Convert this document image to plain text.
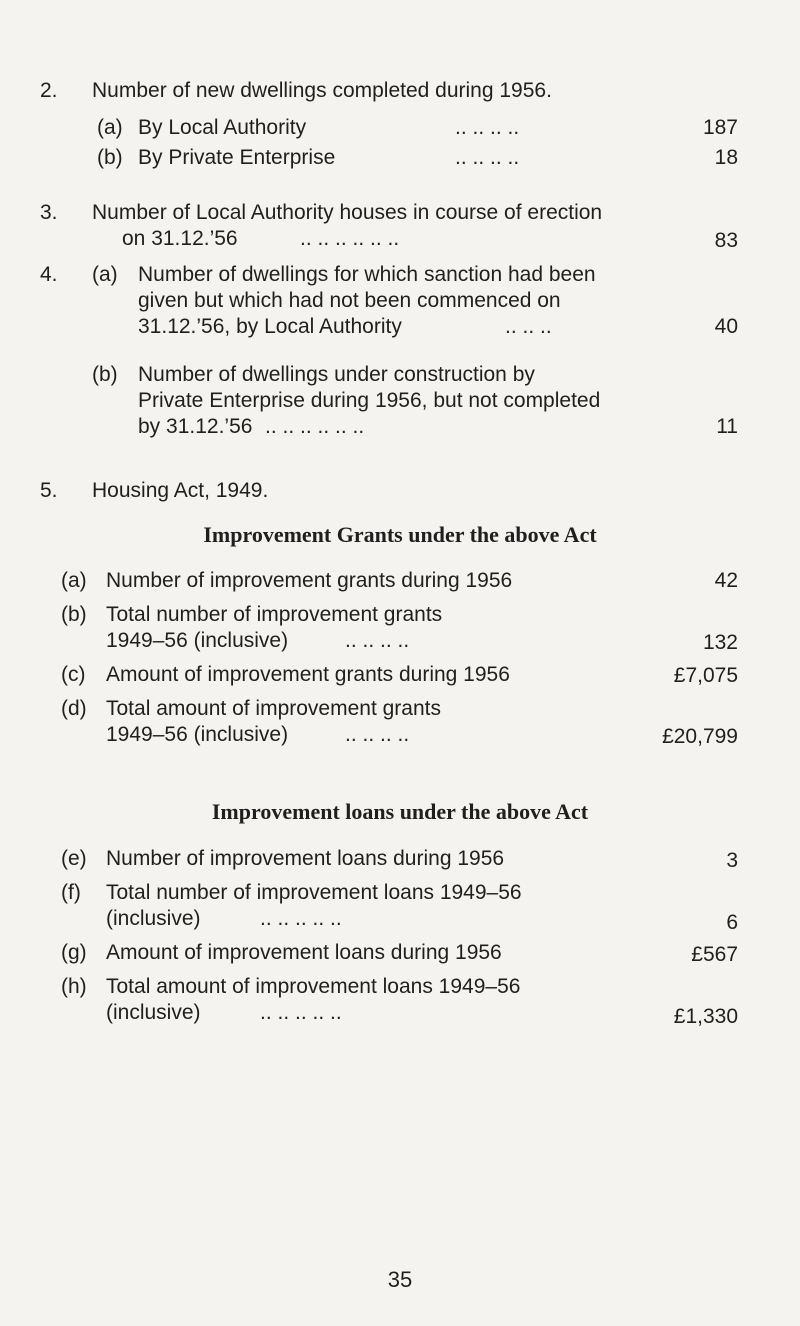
2. Number of new dwellings completed during 1956.
(a) By Local Authority	.. .. .. ..	187
(b) By Private Enterprise	.. .. .. ..	18
3. Number of Local Authority houses in course of erection
on 31.12.’56	.. .. .. .. .. ..	83
4. (a) Number of dwellings for which sanction had been
given but which had not been commenced on
31.12.’56, by Local Authority	.. .. ..	40
(b) Number of dwellings under construction by
Private Enterprise during 1956, but not completed
by 31.12.’56 .. .. .. .. .. ..	11
5. Housing Act, 1949.
Improvement Grants under the above Act
(a) Number of improvement grants during 1956	42
(b) Total number of improvement grants
1949–56 (inclusive)	.. .. .. ..	132
(c) Amount of improvement grants during 1956	£7,075
(d) Total amount of improvement grants
1949–56 (inclusive)	.. .. .. ..	£20,799
Improvement loans under the above Act
(e) Number of improvement loans during 1956	3
(f) Total number of improvement loans 1949–56
(inclusive)	.. .. .. .. ..	6
(g) Amount of improvement loans during 1956	£567
(h) Total amount of improvement loans 1949–56
(inclusive)	.. .. .. .. ..	£1,330
35
